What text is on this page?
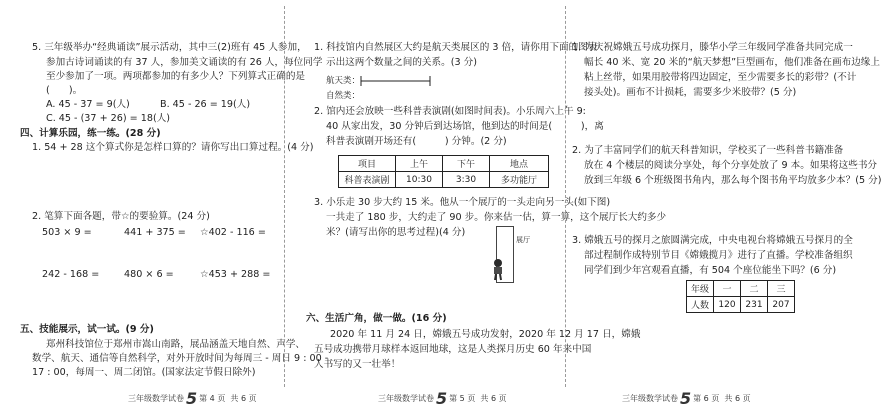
5. 三年级举办“经典诵读”展示活动，其中三(2)班有 45 人参加，
参加古诗词诵读的有 37 人，参加美文诵读的有 26 人，每位同学
至少参加了一项。两项都参加的有多少人？下列算式正确的是
(　　)。
A. 45 - 37 = 9(人)	B. 45 - 26 = 19(人)
C. 45 - (37 + 26) = 18(人)
四、计算乐园，练一练。(28 分)
1. 54 + 28 这个算式你是怎样口算的？请你写出口算过程。(4 分)
2. 笔算下面各题，带☆的要验算。(24 分)
503 × 9 =	441 + 375 = ☆402 - 116 =
242 - 168 =	480 × 6 =	☆453 + 288 =
五、技能展示，试一试。(9 分)
郑州科技馆位于郑州市嵩山南路，展品涵盖天地自然、声学、
数学、航天、通信等自然科学，对外开放时间为每周三 - 周日 9 : 00 -
17 : 00，每周一、周二闭馆。(国家法定节假日除外)
三年级数学试卷 5 第 4 页 共 6 页
1. 科技馆内自然展区大约是航天类展区的 3 倍，请你用下面的图表
示出这两个数量之间的关系。(3 分)
航天类：
自然类：
2. 馆内还会放映一些科普表演剧(如图时间表)。小乐周六上午 9:
40 从家出发，30 分钟后到达场馆，他到达的时间是(　　　)，离
科普表演剧开场还有(　　　) 分钟。(2 分)
项目	上午	下午	地点
科普表演剧	10:30	3:30	多功能厅
3. 小乐走 30 步大约 15 米。他从一个展厅的一头走向另一头(如下图)
一共走了 180 步，大约走了 90 步。你来估一估，算一算，这个展厅长大约多少
米？(请写出你的思考过程)(4 分)
展厅
六、生活广角，做一做。(16 分)
2020 年 11 月 24 日，嫦娥五号成功发射，2020 年 12 月 17 日，嫦娥
五号成功携带月球样本返回地球，这是人类探月历史 60 年来中国
人书写的又一壮举！
三年级数学试卷 5 第 5 页 共 6 页
1. 为庆祝嫦娥五号成功探月，滕华小学三年级同学准备共同完成一
幅长 40 米、宽 20 米的“航天梦想”巨型画布，他们准备在画布边缘上
粘上丝带，如果用胶带将四边固定，至少需要多长的彩带？(不计
接头处)。画布不计损耗，需要多少米胶带？(5 分)
2. 为了丰富同学们的航天科普知识，学校买了一些科普书籍准备
放在 4 个楼层的阅读分享处，每个分享处放了 9 本。如果将这些书分
放到三年级 6 个班级图书角内，那么每个图书角平均放多少本？(5 分)
3. 嫦娥五号的探月之旅圆满完成，中央电视台将嫦娥五号探月的全
部过程制作成特别节目《嫦娥揽月》进行了直播。学校准备组织
同学们到少年宫观看直播，有 504 个座位能坐下吗？(6 分)
年级	一	二	三
人数	120	231	207
三年级数学试卷 5 第 6 页 共 6 页
